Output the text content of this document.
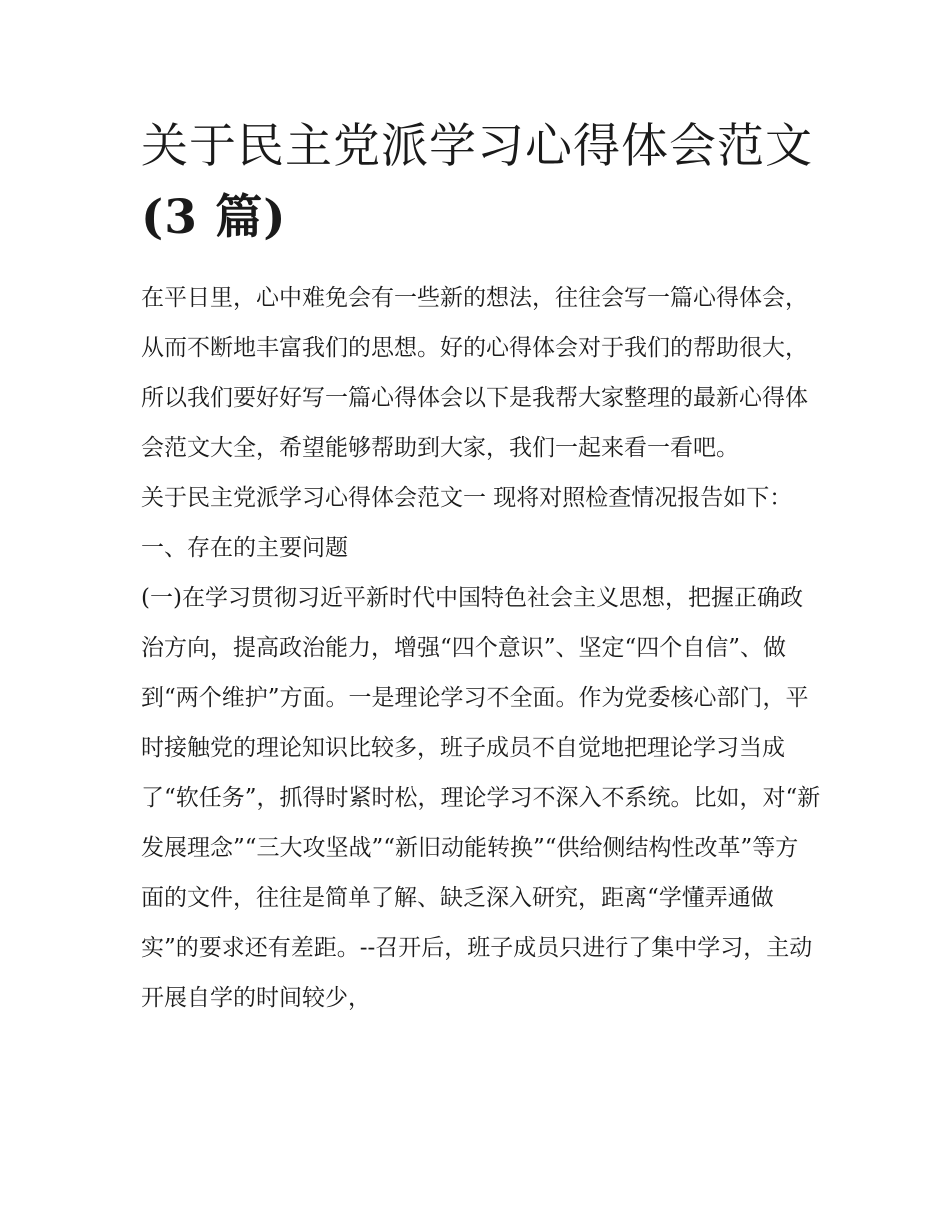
关于民主党派学习心得体会范文(3 篇)

在平日里，心中难免会有一些新的想法，往往会写一篇心得体会，从而不断地丰富我们的思想。好的心得体会对于我们的帮助很大，所以我们要好好写一篇心得体会以下是我帮大家整理的最新心得体会范文大全，希望能够帮助到大家，我们一起来看一看吧。

关于民主党派学习心得体会范文一 现将对照检查情况报告如下： 一、存在的主要问题

(一)在学习贯彻习近平新时代中国特色社会主义思想，把握正确政治方向，提高政治能力，增强“四个意识”、坚定“四个自信”、做到“两个维护”方面。一是理论学习不全面。作为党委核心部门，平时接触党的理论知识比较多，班子成员不自觉地把理论学习当成了“软任务”，抓得时紧时松，理论学习不深入不系统。比如，对“新发展理念”“三大攻坚战”“新旧动能转换”“供给侧结构性改革”等方面的文件，往往是简单了解、缺乏深入研究，距离“学懂弄通做实”的要求还有差距。--召开后，班子成员只进行了集中学习，主动开展自学的时间较少，
